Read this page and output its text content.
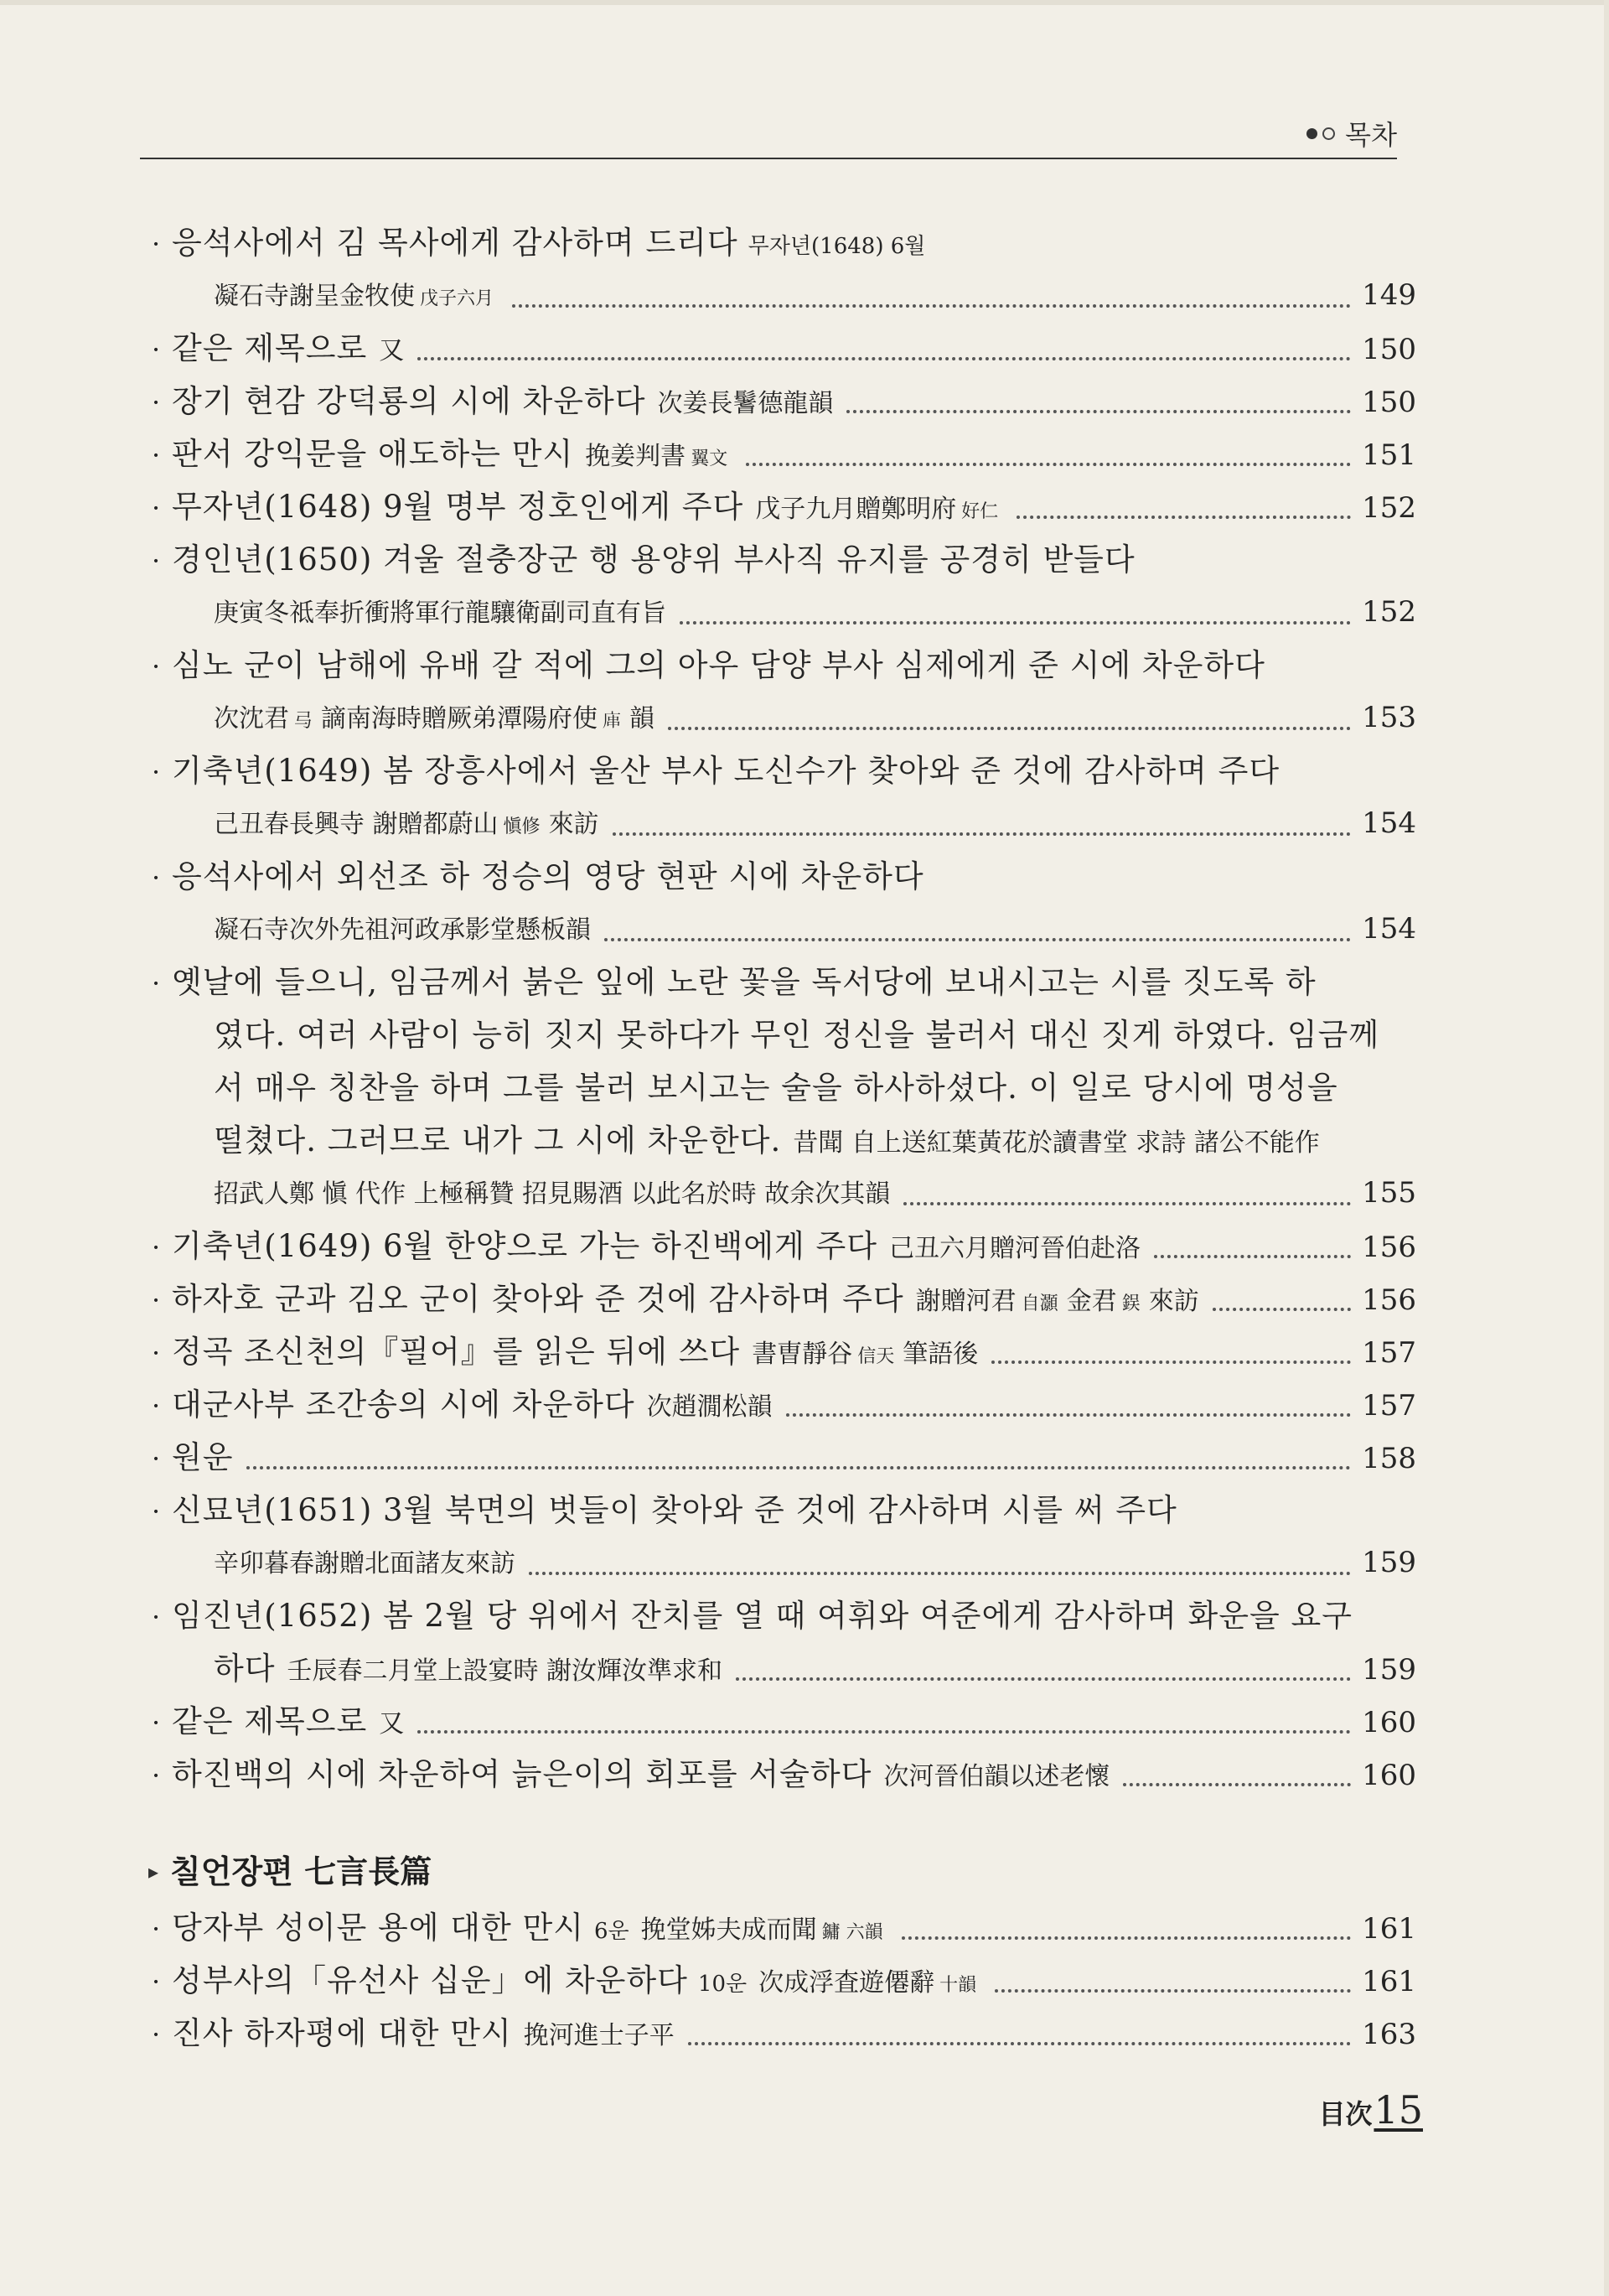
목차
· 응석사에서 김 목사에게 감사하며 드리다 무자년(1648) 6월
凝石寺謝呈金牧使 戊子六月	149
· 같은 제목으로 又	150
· 장기 현감 강덕룡의 시에 차운하다 次姜長鬐德龍韻	150
· 판서 강익문을 애도하는 만시 挽姜判書 翼文	151
· 무자년(1648) 9월 명부 정호인에게 주다 戊子九月贈鄭明府 好仁	152
· 경인년(1650) 겨울 절충장군 행 용양위 부사직 유지를 공경히 받들다
庚寅冬祗奉折衝將軍行龍驤衛副司直有旨	152
· 심노 군이 남해에 유배 갈 적에 그의 아우 담양 부사 심제에게 준 시에 차운하다
次沈君 㢧 謫南海時贈厥弟潭陽府使 𢈢 韻	153
· 기축년(1649) 봄 장흥사에서 울산 부사 도신수가 찾아와 준 것에 감사하며 주다
己丑春長興寺 謝贈都蔚山 愼修 來訪	154
· 응석사에서 외선조 하 정승의 영당 현판 시에 차운하다
凝石寺次外先祖河政承影堂懸板韻	154
· 옛날에 들으니, 임금께서 붉은 잎에 노란 꽃을 독서당에 보내시고는 시를 짓도록 하
였다. 여러 사람이 능히 짓지 못하다가 무인 정신을 불러서 대신 짓게 하였다. 임금께
서 매우 칭찬을 하며 그를 불러 보시고는 술을 하사하셨다. 이 일로 당시에 명성을
떨쳤다. 그러므로 내가 그 시에 차운한다. 昔聞 自上送紅葉黃花於讀書堂 求詩 諸公不能作
招武人鄭 愼 代作 上極稱贊 招見賜酒 以此名於時 故余次其韻	155
· 기축년(1649) 6월 한양으로 가는 하진백에게 주다 己丑六月贈河晉伯赴洛	156
· 하자호 군과 김오 군이 찾아와 준 것에 감사하며 주다 謝贈河君 自灝 金君 鋘 來訪	156
· 정곡 조신천의『필어』를 읽은 뒤에 쓰다 書曺靜谷 信天 筆語後	157
· 대군사부 조간송의 시에 차운하다 次趙㵎松韻	157
· 원운	158
· 신묘년(1651) 3월 북면의 벗들이 찾아와 준 것에 감사하며 시를 써 주다
辛卯暮春謝贈北面諸友來訪	159
· 임진년(1652) 봄 2월 당 위에서 잔치를 열 때 여휘와 여준에게 감사하며 화운을 요구
하다 壬辰春二月堂上設宴時 謝汝輝汝準求和	159
· 같은 제목으로 又	160
· 하진백의 시에 차운하여 늙은이의 회포를 서술하다 次河晉伯韻以述老懷	160
▸ 칠언장편 七言長篇
· 당자부 성이문 용에 대한 만시 6운 挽堂姊夫成而聞 鏞 六韻	161
· 성부사의「유선사 십운」에 차운하다 10운 次成浮査遊僊辭 十韻	161
· 진사 하자평에 대한 만시 挽河進士子平	163
目次 15
